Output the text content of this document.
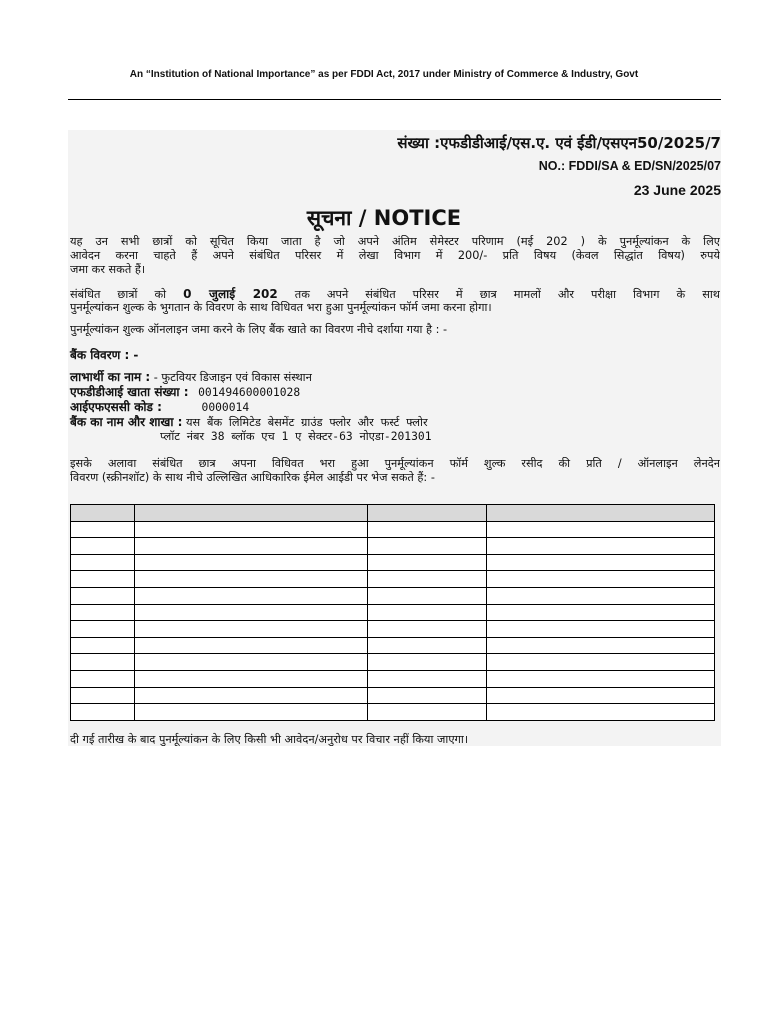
An “Institution of National Importance” as per FDDI Act, 2017 under Ministry of Commerce & Industry, Govt
संख्या :एफडीडीआई/एस.ए. एवं ईडी/एसएन50/2025/7
NO.: FDDI/SA & ED/SN/2025/07
23 June 2025
सूचना / NOTICE
यह उन सभी छात्रों को सूचित किया जाता है जो अपने अंतिम सेमेस्टर परिणाम (मई 202 ) के पुनर्मूल्यांकन के लिए
आवेदन करना चाहते हैं अपने संबंधित परिसर में लेखा विभाग में 200/- प्रति विषय (केवल सिद्धांत विषय) रुपये
जमा कर सकते हैं।
संबंधित छात्रों को 0 जुलाई 202 तक अपने संबंधित परिसर में छात्र मामलों और परीक्षा विभाग के साथ
पुनर्मूल्यांकन शुल्क के भुगतान के विवरण के साथ विधिवत भरा हुआ पुनर्मूल्यांकन फॉर्म जमा करना होगा।
पुनर्मूल्यांकन शुल्क ऑनलाइन जमा करने के लिए बैंक खाते का विवरण नीचे दर्शाया गया है : -
बैंक विवरण : -
लाभार्थी का नाम : - फुटवियर डिजाइन एवं विकास संस्थान
एफडीडीआई खाता संख्या : 001494600001028
आईएफएससी कोड :	0000014
बैंक का नाम और शाखा : यस बैंक लिमिटेड बेसमेंट ग्राउंड फ्लोर और फर्स्ट फ्लोर
प्लॉट नंबर 38 ब्लॉक एच 1 ए सेक्टर-63 नोएडा-201301
इसके अलावा संबंधित छात्र अपना विधिवत भरा हुआ पुनर्मूल्यांकन फॉर्म शुल्क रसीद की प्रति / ऑनलाइन लेनदेन
विवरण (स्क्रीनशॉट) के साथ नीचे उल्लिखित आधिकारिक ईमेल आईडी पर भेज सकते हैं: -

दी गई तारीख के बाद पुनर्मूल्यांकन के लिए किसी भी आवेदन/अनुरोध पर विचार नहीं किया जाएगा।
